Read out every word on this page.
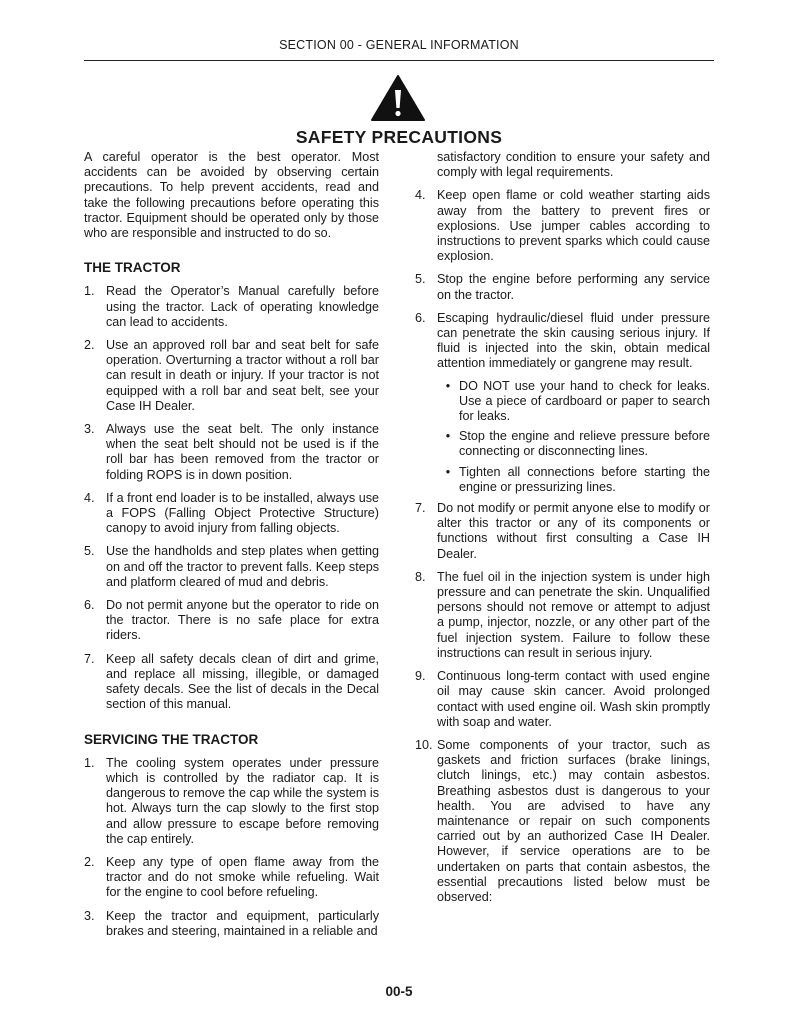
SECTION 00 - GENERAL INFORMATION
SAFETY PRECAUTIONS

A careful operator is the best operator. Most accidents can be avoided by observing certain precautions. To help prevent accidents, read and take the following precautions before operating this tractor. Equipment should be operated only by those who are responsible and instructed to do so.

THE TRACTOR
1. Read the Operator’s Manual carefully before using the tractor. Lack of operating knowledge can lead to accidents.
2. Use an approved roll bar and seat belt for safe operation. Overturning a tractor without a roll bar can result in death or injury. If your tractor is not equipped with a roll bar and seat belt, see your Case IH Dealer.
3. Always use the seat belt. The only instance when the seat belt should not be used is if the roll bar has been removed from the tractor or folding ROPS is in down position.
4. If a front end loader is to be installed, always use a FOPS (Falling Object Protective Structure) canopy to avoid injury from falling objects.
5. Use the handholds and step plates when getting on and off the tractor to prevent falls. Keep steps and platform cleared of mud and debris.
6. Do not permit anyone but the operator to ride on the tractor. There is no safe place for extra riders.
7. Keep all safety decals clean of dirt and grime, and replace all missing, illegible, or damaged safety decals. See the list of decals in the Decal section of this manual.
SERVICING THE TRACTOR
1. The cooling system operates under pressure which is controlled by the radiator cap. It is dangerous to remove the cap while the system is hot. Always turn the cap slowly to the first stop and allow pressure to escape before removing the cap entirely.
2. Keep any type of open flame away from the tractor and do not smoke while refueling. Wait for the engine to cool before refueling.
3. Keep the tractor and equipment, particularly brakes and steering, maintained in a reliable and
satisfactory condition to ensure your safety and comply with legal requirements.
4. Keep open flame or cold weather starting aids away from the battery to prevent fires or explosions. Use jumper cables according to instructions to prevent sparks which could cause explosion.
5. Stop the engine before performing any service on the tractor.
6. Escaping hydraulic/diesel fluid under pressure can penetrate the skin causing serious injury. If fluid is injected into the skin, obtain medical attention immediately or gangrene may result.
• DO NOT use your hand to check for leaks. Use a piece of cardboard or paper to search for leaks.
• Stop the engine and relieve pressure before connecting or disconnecting lines.
• Tighten all connections before starting the engine or pressurizing lines.
7. Do not modify or permit anyone else to modify or alter this tractor or any of its components or functions without first consulting a Case IH Dealer.
8. The fuel oil in the injection system is under high pressure and can penetrate the skin. Unqualified persons should not remove or attempt to adjust a pump, injector, nozzle, or any other part of the fuel injection system. Failure to follow these instructions can result in serious injury.
9. Continuous long-term contact with used engine oil may cause skin cancer. Avoid prolonged contact with used engine oil. Wash skin promptly with soap and water.
10. Some components of your tractor, such as gaskets and friction surfaces (brake linings, clutch linings, etc.) may contain asbestos. Breathing asbestos dust is dangerous to your health. You are advised to have any maintenance or repair on such components carried out by an authorized Case IH Dealer. However, if service operations are to be undertaken on parts that contain asbestos, the essential precautions listed below must be observed:
00-5
